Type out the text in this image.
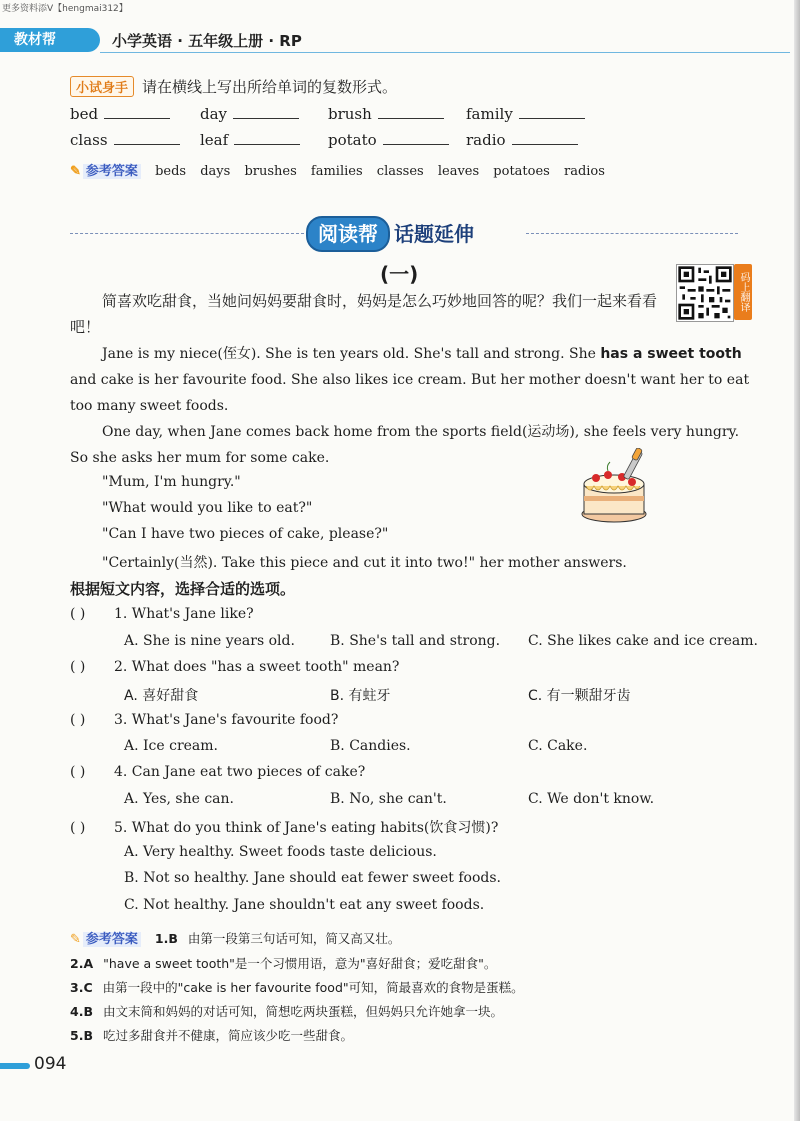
更多资料添V【hengmai312】
教材帮	小学英语 · 五年级上册 · RP
小试身手 请在横线上写出所给单词的复数形式。
bed	day	brush	family
class	leaf	potato	radio
✎ 参考答案 beds days brushes families classes leaves potatoes radios
阅读帮 话题延伸
(一)	码上翻译
简喜欢吃甜食，当她问妈妈要甜食时，妈妈是怎么巧妙地回答的呢？我们一起来看看吧！
Jane is my niece(侄女). She is ten years old. She's tall and strong. She has a sweet tooth and cake is her favourite food. She also likes ice cream. But her mother doesn't want her to eat too many sweet foods.
One day, when Jane comes back home from the sports field(运动场), she feels very hungry. So she asks her mum for some cake.
"Mum, I'm hungry."
"What would you like to eat?"
"Can I have two pieces of cake, please?"
"Certainly(当然). Take this piece and cut it into two!" her mother answers.
根据短文内容，选择合适的选项。
( ) 1. What's Jane like?
A. She is nine years old.	B. She's tall and strong. C. She likes cake and ice cream.
( ) 2. What does "has a sweet tooth" mean?
A. 喜好甜食	B. 有蛀牙	C. 有一颗甜牙齿
( ) 3. What's Jane's favourite food?
A. Ice cream.	B. Candies.	C. Cake.
( ) 4. Can Jane eat two pieces of cake?
A. Yes, she can.	B. No, she can't.	C. We don't know.
( ) 5. What do you think of Jane's eating habits(饮食习惯)?
A. Very healthy. Sweet foods taste delicious.
B. Not so healthy. Jane should eat fewer sweet foods.
C. Not healthy. Jane shouldn't eat any sweet foods.
✎ 参考答案 1.B 由第一段第三句话可知，简又高又壮。
2.A "have a sweet tooth"是一个习惯用语，意为"喜好甜食；爱吃甜食"。
3.C 由第一段中的"cake is her favourite food"可知，简最喜欢的食物是蛋糕。
4.B 由文末简和妈妈的对话可知，简想吃两块蛋糕，但妈妈只允许她拿一块。
5.B 吃过多甜食并不健康，简应该少吃一些甜食。
094
